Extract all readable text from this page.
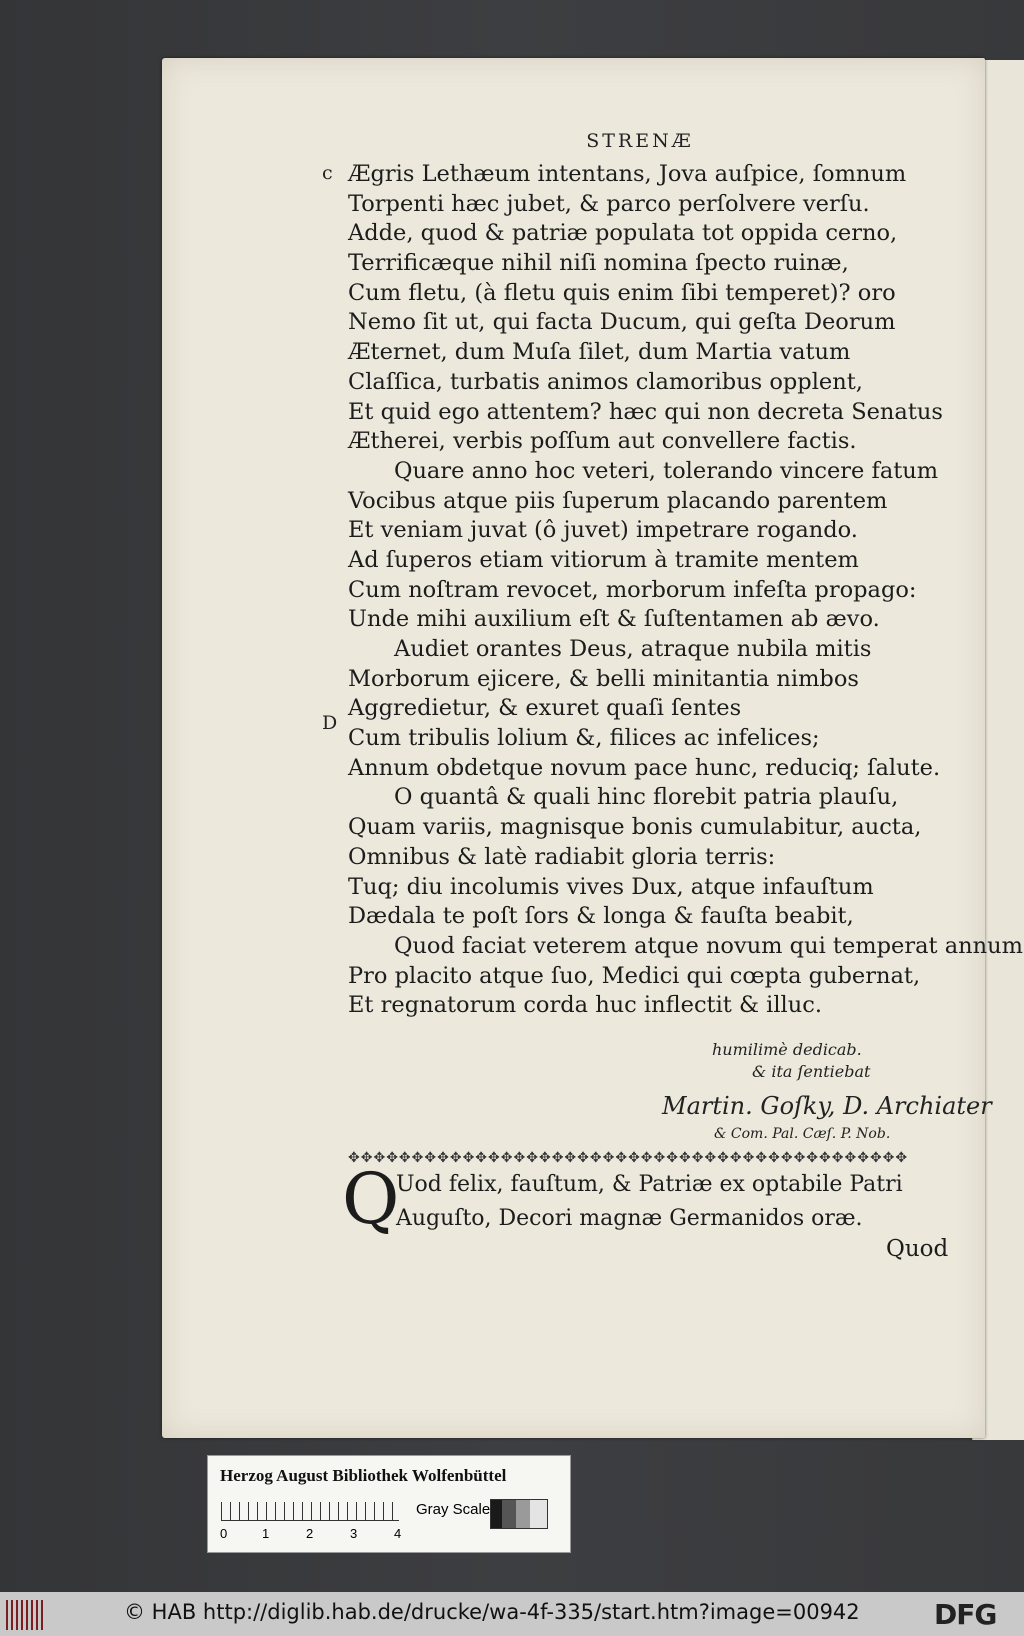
STRENÆ
c
D
Ægris Lethæum intentans, Jova auſpice, ſomnum
Torpenti hæc jubet, & parco perſolvere verſu.
Adde, quod & patriæ populata tot oppida cerno,
Terrificæque nihil niſi nomina ſpecto ruinæ,
Cum fletu, (à fletu quis enim ſibi temperet)? oro
Nemo ſit ut, qui facta Ducum, qui geſta Deorum
Æternet, dum Muſa ſilet, dum Martia vatum
Claſſica, turbatis animos clamoribus opplent,
Et quid ego attentem? hæc qui non decreta Senatus
Ætherei, verbis poſſum aut convellere factis.
Quare anno hoc veteri, tolerando vincere fatum
Vocibus atque piis ſuperum placando parentem
Et veniam juvat (ô juvet) impetrare rogando.
Ad ſuperos etiam vitiorum à tramite mentem
Cum noſtram revocet, morborum infeſta propago:
Unde mihi auxilium eſt & ſuſtentamen ab ævo.
Audiet orantes Deus, atraque nubila mitis
Morborum ejicere, & belli minitantia nimbos
Aggredietur, & exuret quaſi ſentes
Cum tribulis lolium &, filices ac infelices;
Annum obdetque novum pace hunc, reduciq; ſalute.
O quantâ & quali hinc florebit patria plauſu,
Quam variis, magnisque bonis cumulabitur, aucta,
Omnibus & latè radiabit gloria terris:
Tuq; diu incolumis vives Dux, atque infauſtum
Dædala te poſt ſors & longa & fauſta beabit,
Quod faciat veterem atque novum qui temperat annum
Pro placito atque ſuo, Medici qui cœpta gubernat,
Et regnatorum corda huc inflectit & illuc.
humilimè dedicab.
& ita ſentiebat
Martin. Goſky, D. Archiater
& Com. Pal. Cæſ. P. Nob.
✥✥✥✥✥✥✥✥✥✥✥✥✥✥✥✥✥✥✥✥✥✥✥✥✥✥✥✥✥✥✥✥✥✥✥✥✥✥✥✥✥✥✥✥
Q
Uod felix, fauſtum, & Patriæ ex optabile Patri
Auguſto, Decori magnæ Germanidos oræ.
Quod
Herzog August Bibliothek Wolfenbüttel
0	1	2	3	4
Gray Scale
© HAB http://diglib.hab.de/drucke/wa-4f-335/start.htm?image=00942	DFG
